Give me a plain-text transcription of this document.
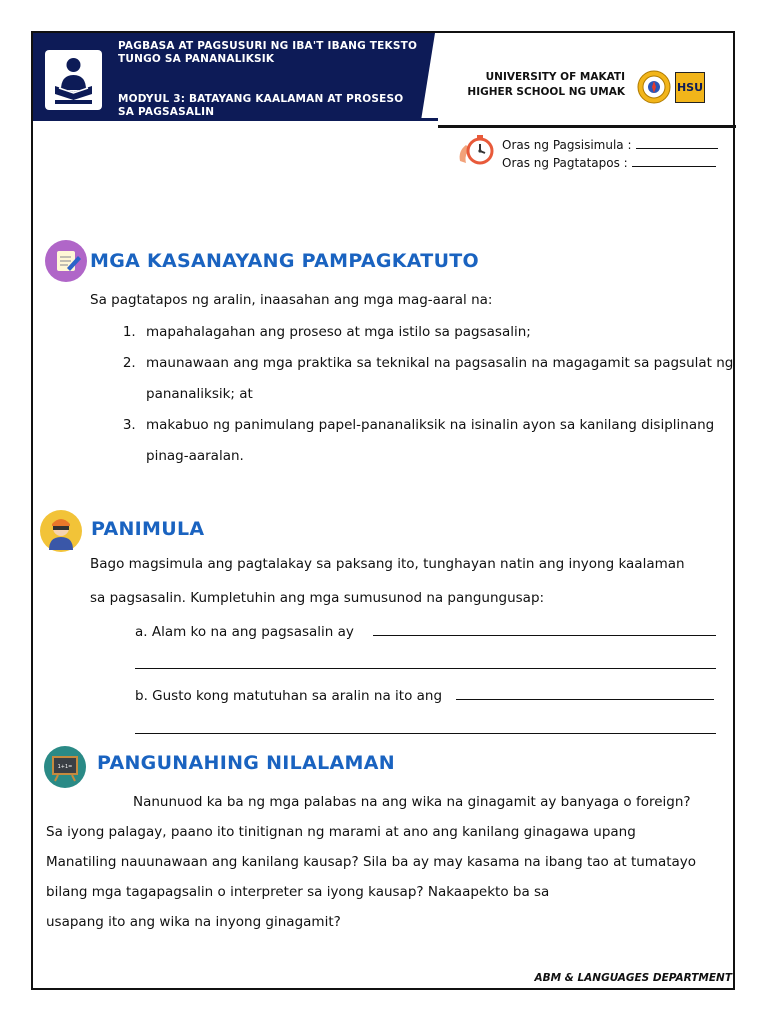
PAGBASA AT PAGSUSURI NG IBA'T IBANG TEKSTO
TUNGO SA PANANALIKSIK
MODYUL 3: BATAYANG KAALAMAN AT PROSESO
SA PAGSASALIN
UNIVERSITY OF MAKATI
HIGHER SCHOOL NG UMAK	HSU
Oras ng Pagsisimula :
Oras ng Pagtatapos :
MGA KASANAYANG PAMPAGKATUTO
Sa pagtatapos ng aralin, inaasahan ang mga mag-aaral na:
1. mapahalagahan ang proseso at mga istilo sa pagsasalin;
2. maunawaan ang mga praktika sa teknikal na pagsasalin na magagamit sa pagsulat ng pananaliksik; at
3. makabuo ng panimulang papel-pananaliksik na isinalin ayon sa kanilang disiplinang pinag-aaralan.
PANIMULA
Bago magsimula ang pagtalakay sa paksang ito, tunghayan natin ang inyong kaalaman
sa pagsasalin. Kumpletuhin ang mga sumusunod na pangungusap:
a. Alam ko na ang pagsasalin ay
b. Gusto kong matutuhan sa aralin na ito ang
1+1= PANGUNAHING NILALAMAN
Nanunuod ka ba ng mga palabas na ang wika na ginagamit ay banyaga o foreign?
Sa iyong palagay, paano ito tinitignan ng marami at ano ang kanilang ginagawa upang
Manatiling nauunawaan ang kanilang kausap? Sila ba ay may kasama na ibang tao at tumatayo
bilang mga tagapagsalin o interpreter sa iyong kausap? Nakaapekto ba sa
usapang ito ang wika na inyong ginagamit?
ABM & LANGUAGES DEPARTMENT
